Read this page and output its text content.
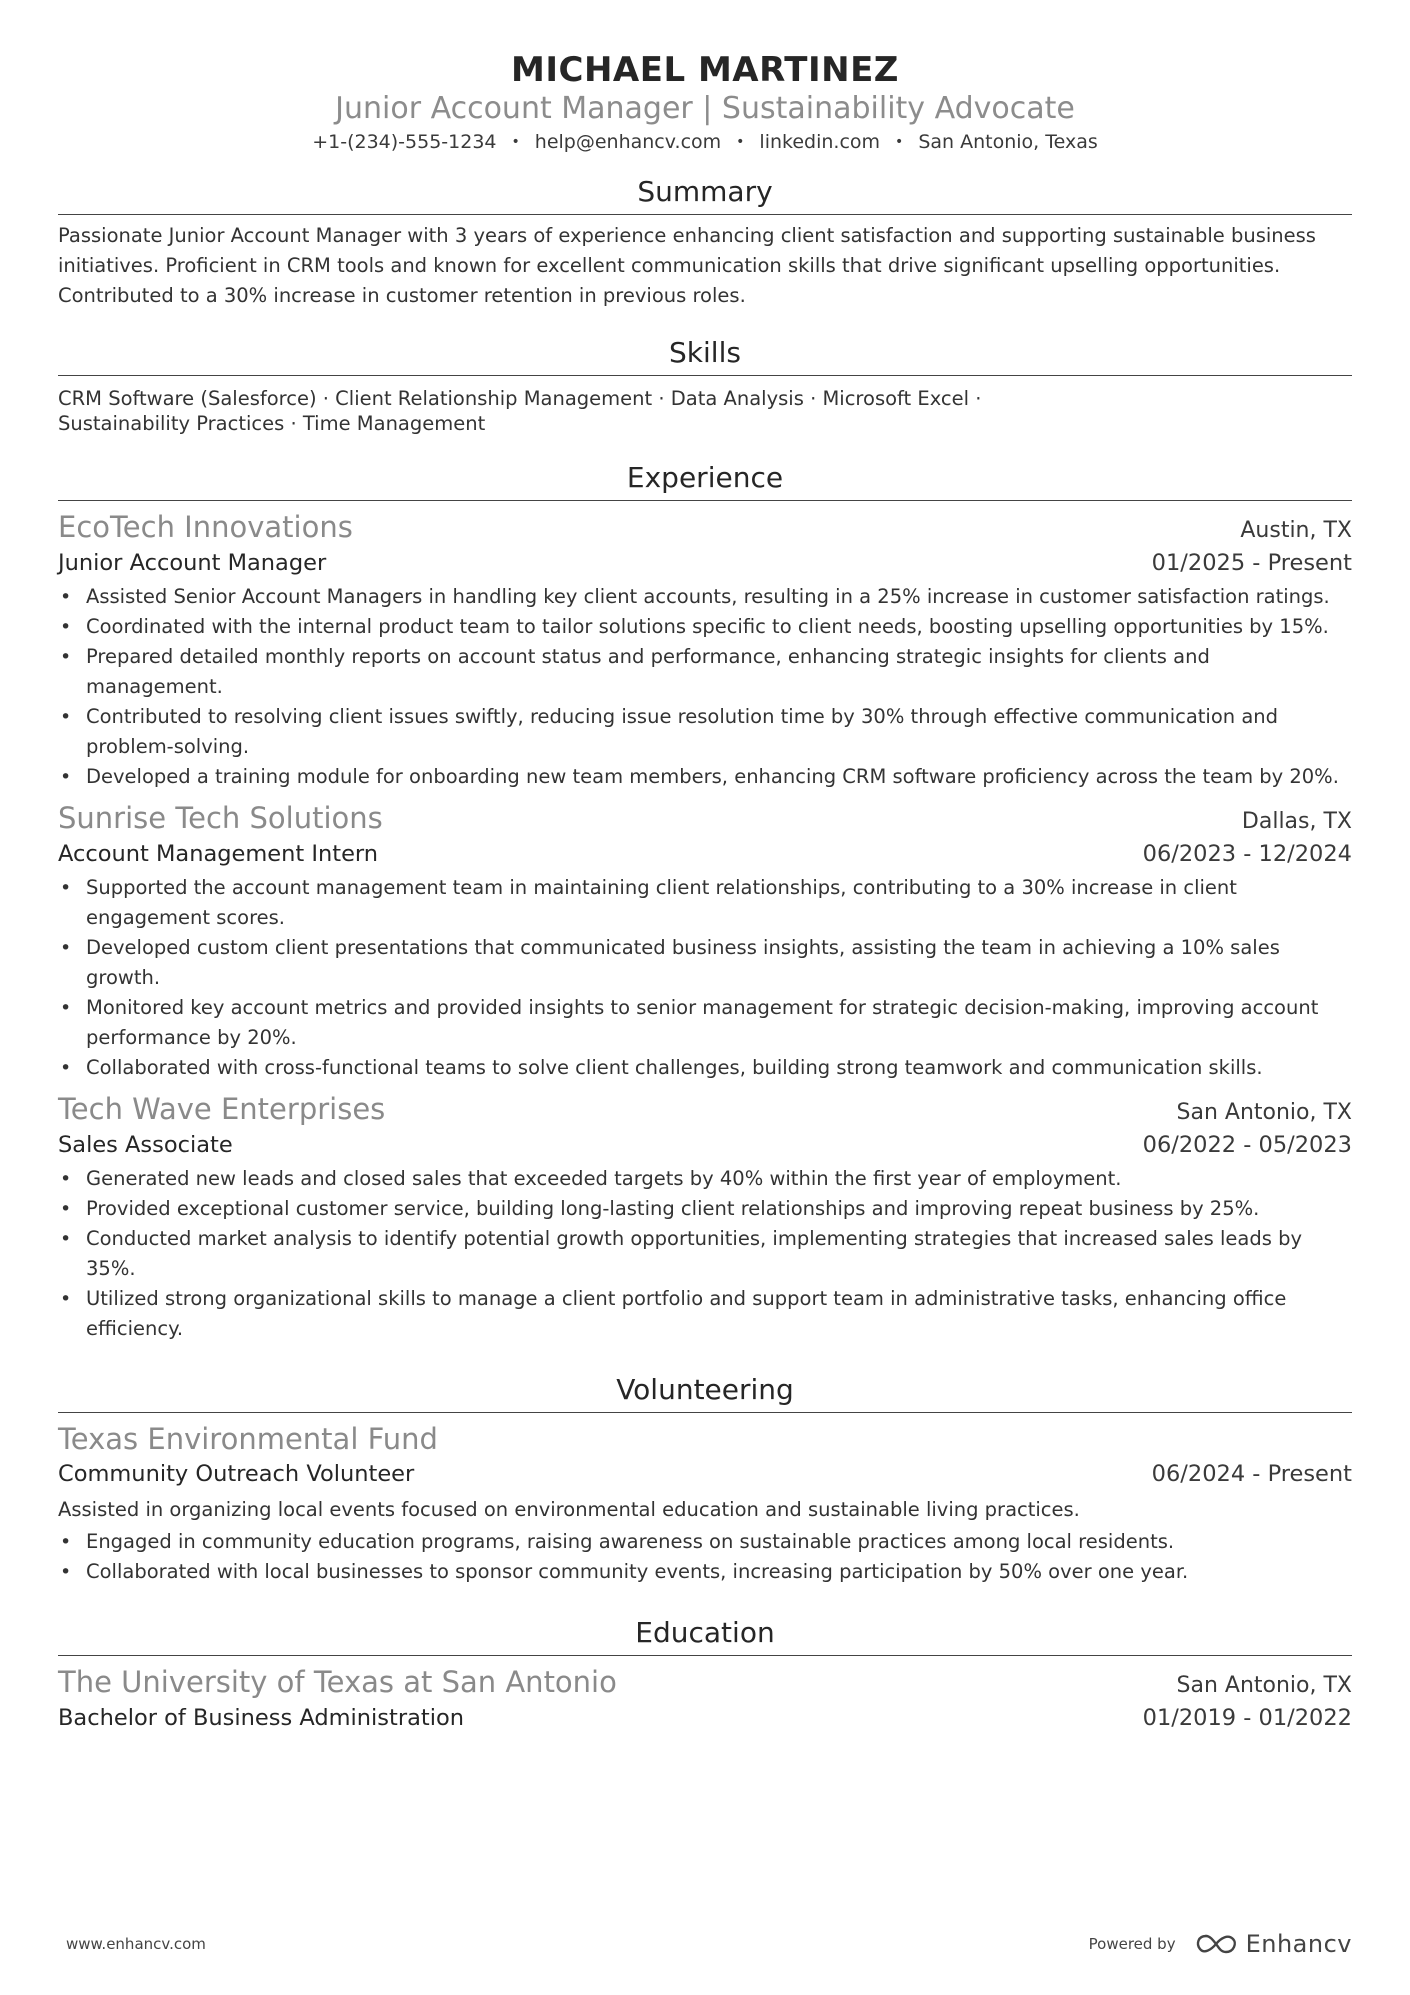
MICHAEL MARTINEZ
Junior Account Manager | Sustainability Advocate
+1-(234)-555-1234 • help@enhancv.com • linkedin.com • San Antonio, Texas
Summary
Passionate Junior Account Manager with 3 years of experience enhancing client satisfaction and supporting sustainable business initiatives. Proficient in CRM tools and known for excellent communication skills that drive significant upselling opportunities. Contributed to a 30% increase in customer retention in previous roles.
Skills
CRM Software (Salesforce) · Client Relationship Management · Data Analysis · Microsoft Excel · Sustainability Practices · Time Management
Experience
EcoTech Innovations	Austin, TX
Junior Account Manager	01/2025 - Present
• Assisted Senior Account Managers in handling key client accounts, resulting in a 25% increase in customer satisfaction ratings.
• Coordinated with the internal product team to tailor solutions specific to client needs, boosting upselling opportunities by 15%.
• Prepared detailed monthly reports on account status and performance, enhancing strategic insights for clients and management.
• Contributed to resolving client issues swiftly, reducing issue resolution time by 30% through effective communication and problem-solving.
• Developed a training module for onboarding new team members, enhancing CRM software proficiency across the team by 20%.
Sunrise Tech Solutions	Dallas, TX
Account Management Intern	06/2023 - 12/2024
• Supported the account management team in maintaining client relationships, contributing to a 30% increase in client engagement scores.
• Developed custom client presentations that communicated business insights, assisting the team in achieving a 10% sales growth.
• Monitored key account metrics and provided insights to senior management for strategic decision-making, improving account performance by 20%.
• Collaborated with cross-functional teams to solve client challenges, building strong teamwork and communication skills.
Tech Wave Enterprises	San Antonio, TX
Sales Associate	06/2022 - 05/2023
• Generated new leads and closed sales that exceeded targets by 40% within the first year of employment.
• Provided exceptional customer service, building long-lasting client relationships and improving repeat business by 25%.
• Conducted market analysis to identify potential growth opportunities, implementing strategies that increased sales leads by 35%.
• Utilized strong organizational skills to manage a client portfolio and support team in administrative tasks, enhancing office efficiency.
Volunteering
Texas Environmental Fund
Community Outreach Volunteer	06/2024 - Present
Assisted in organizing local events focused on environmental education and sustainable living practices.
• Engaged in community education programs, raising awareness on sustainable practices among local residents.
• Collaborated with local businesses to sponsor community events, increasing participation by 50% over one year.
Education
The University of Texas at San Antonio	San Antonio, TX
Bachelor of Business Administration	01/2019 - 01/2022
www.enhancv.com	Powered by	Enhancv
